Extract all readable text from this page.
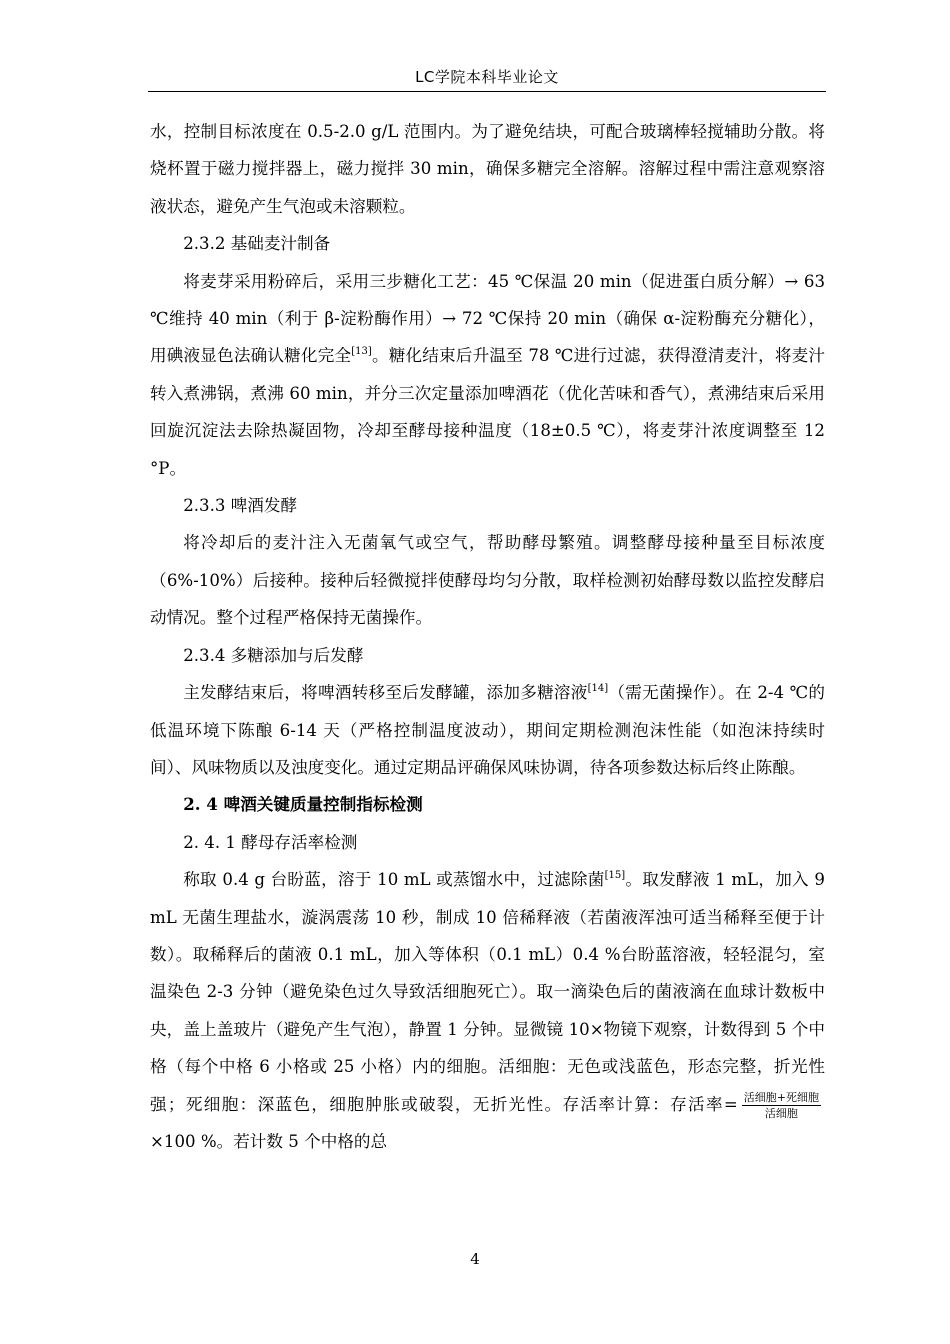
LC学院本科毕业论文

水，控制目标浓度在 0.5-2.0 g/L 范围内。为了避免结块，可配合玻璃棒轻搅辅助分散。将烧杯置于磁力搅拌器上，磁力搅拌 30 min，确保多糖完全溶解。溶解过程中需注意观察溶液状态，避免产生气泡或未溶颗粒。

2.3.2 基础麦汁制备

将麦芽采用粉碎后，采用三步糖化工艺：45 ℃保温 20 min（促进蛋白质分解）→ 63 ℃维持 40 min（利于 β-淀粉酶作用）→ 72 ℃保持 20 min（确保 α-淀粉酶充分糖化），用碘液显色法确认糖化完全[13]。糖化结束后升温至 78 ℃进行过滤，获得澄清麦汁，将麦汁转入煮沸锅，煮沸 60 min，并分三次定量添加啤酒花（优化苦味和香气），煮沸结束后采用回旋沉淀法去除热凝固物，冷却至酵母接种温度（18±0.5 ℃），将麦芽汁浓度调整至 12 °P。

2.3.3 啤酒发酵

将冷却后的麦汁注入无菌氧气或空气，帮助酵母繁殖。调整酵母接种量至目标浓度（6%-10%）后接种。接种后轻微搅拌使酵母均匀分散，取样检测初始酵母数以监控发酵启动情况。整个过程严格保持无菌操作。

2.3.4 多糖添加与后发酵

主发酵结束后，将啤酒转移至后发酵罐，添加多糖溶液[14]（需无菌操作）。在 2-4 ℃的低温环境下陈酿 6-14 天（严格控制温度波动），期间定期检测泡沫性能（如泡沫持续时间）、风味物质以及浊度变化。通过定期品评确保风味协调，待各项参数达标后终止陈酿。

2. 4 啤酒关键质量控制指标检测

2. 4. 1 酵母存活率检测

称取 0.4 g 台盼蓝，溶于 10 mL 或蒸馏水中，过滤除菌[15]。取发酵液 1 mL，加入 9 mL 无菌生理盐水，漩涡震荡 10 秒，制成 10 倍稀释液（若菌液浑浊可适当稀释至便于计数）。取稀释后的菌液 0.1 mL，加入等体积（0.1 mL）0.4 %台盼蓝溶液，轻轻混匀，室温染色 2-3 分钟（避免染色过久导致活细胞死亡）。取一滴染色后的菌液滴在血球计数板中央，盖上盖玻片（避免产生气泡），静置 1 分钟。显微镜 10×物镜下观察，计数得到 5 个中格（每个中格 6 小格或 25 小格）内的细胞。活细胞：无色或浅蓝色，形态完整，折光性强；死细胞：深蓝色，细胞肿胀或破裂，无折光性。存活率计算：存活率= $\frac{\text{活细胞+死细胞}}{\text{活细胞}}$
×100 %。若计数 5 个中格的总

4
